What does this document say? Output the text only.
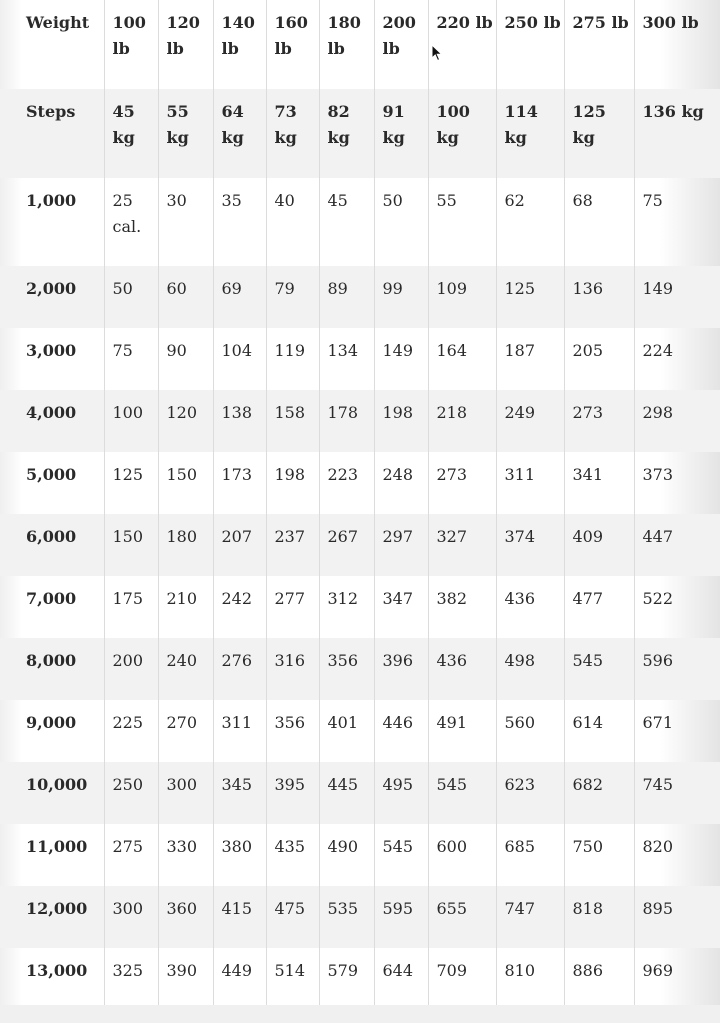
Weight	100 lb	120 lb	140 lb	160 lb	180 lb	200 lb	220 lb	250 lb	275 lb	300 lb
Steps	45 kg	55 kg	64 kg	73 kg	82 kg	91 kg	100 kg	114 kg	125 kg	136 kg
1,000	25 cal.	30	35	40	45	50	55	62	68	75
2,000	50	60	69	79	89	99	109	125	136	149
3,000	75	90	104	119	134	149	164	187	205	224
4,000	100	120	138	158	178	198	218	249	273	298
5,000	125	150	173	198	223	248	273	311	341	373
6,000	150	180	207	237	267	297	327	374	409	447
7,000	175	210	242	277	312	347	382	436	477	522
8,000	200	240	276	316	356	396	436	498	545	596
9,000	225	270	311	356	401	446	491	560	614	671
10,000	250	300	345	395	445	495	545	623	682	745
11,000	275	330	380	435	490	545	600	685	750	820
12,000	300	360	415	475	535	595	655	747	818	895
13,000	325	390	449	514	579	644	709	810	886	969
